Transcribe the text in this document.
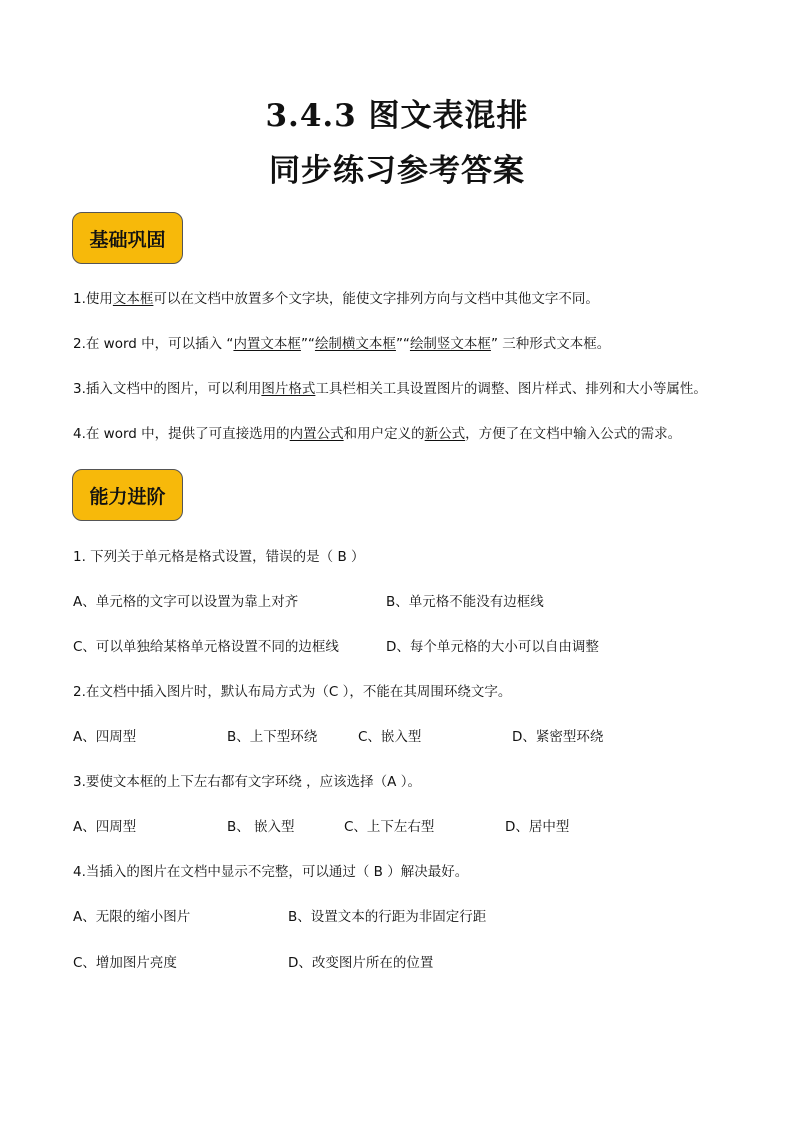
3.4.3 图文表混排
同步练习参考答案
基础巩固
1.使用文本框可以在文档中放置多个文字块，能使文字排列方向与文档中其他文字不同。
2.在 word 中，可以插入 “内置文本框”“绘制横文本框”“绘制竖文本框” 三种形式文本框。
3.插入文档中的图片，可以利用图片格式工具栏相关工具设置图片的调整、图片样式、排列和大小等属性。
4.在 word 中，提供了可直接选用的内置公式和用户定义的新公式，方便了在文档中输入公式的需求。
能力进阶
1. 下列关于单元格是格式设置，错误的是（ B ）
A、单元格的文字可以设置为靠上对齐	B、单元格不能没有边框线
C、可以单独给某格单元格设置不同的边框线	D、每个单元格的大小可以自由调整
2.在文档中插入图片时，默认布局方式为（C ），不能在其周围环绕文字。
A、四周型	B、上下型环绕	C、嵌入型	D、紧密型环绕
3.要使文本框的上下左右都有文字环绕 ，应该选择（A ）。
A、四周型	B、 嵌入型	C、上下左右型	D、居中型
4.当插入的图片在文档中显示不完整，可以通过（ B ）解决最好。
A、无限的缩小图片	B、设置文本的行距为非固定行距
C、增加图片亮度	D、改变图片所在的位置
